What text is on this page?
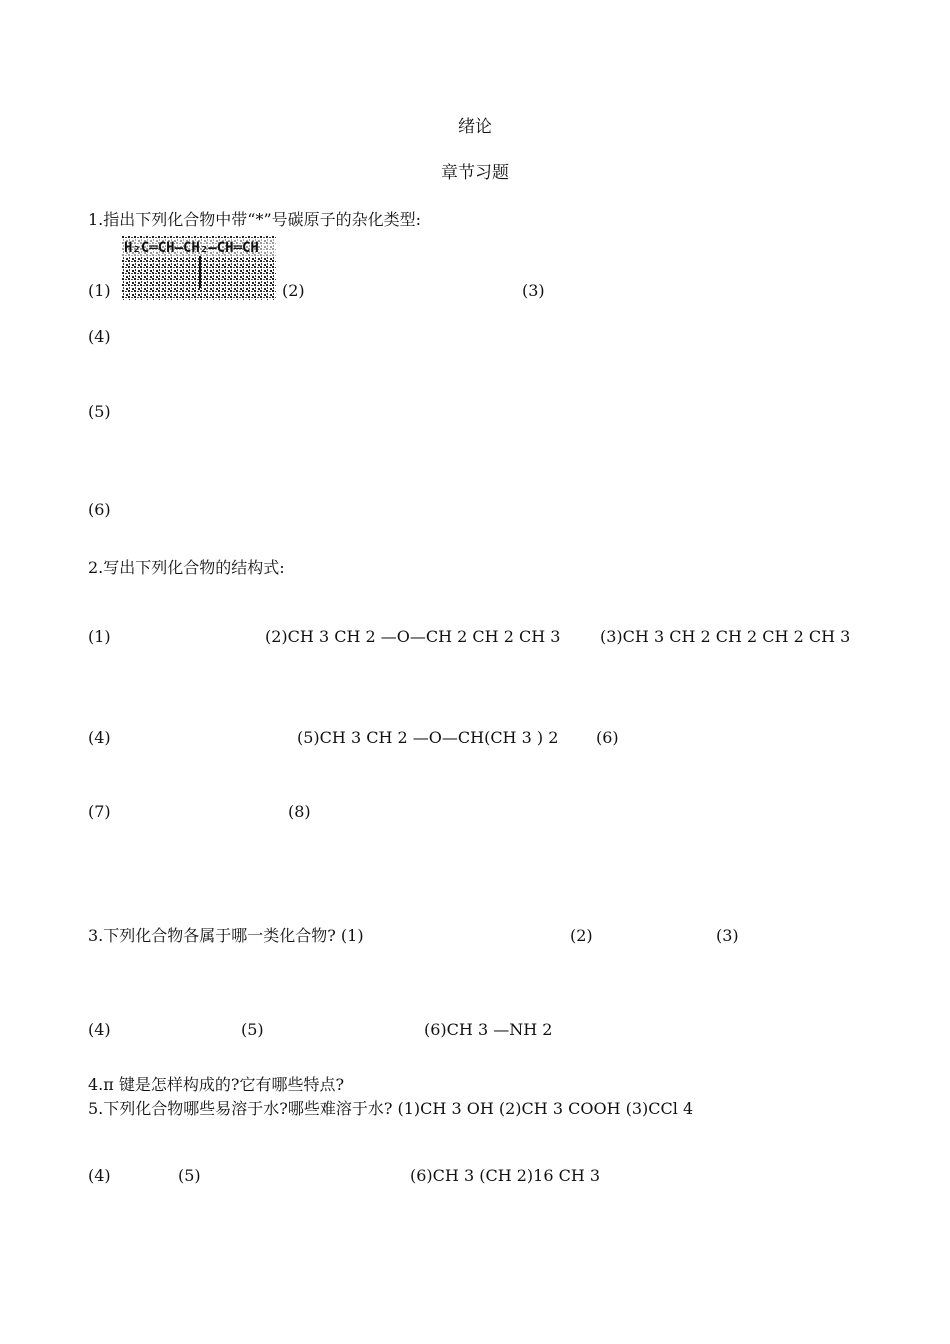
绪论
章节习题
1.指出下列化合物中带“*”号碳原子的杂化类型:
H₂C═CH—CH₂—CH═CH
(1)	(2)	(3)
(4)
(5)
(6)
2.写出下列化合物的结构式:
(1)	(2)CH 3 CH 2 —O—CH 2 CH 2 CH 3 (3)CH 3 CH 2 CH 2 CH 2 CH 3
(4)	(5)CH 3 CH 2 —O—CH(CH 3 ) 2 (6)
(7)	(8)
3.下列化合物各属于哪一类化合物? (1)	(2)	(3)
(4)	(5)	(6)CH 3 —NH 2
4.π 键是怎样构成的?它有哪些特点?
5.下列化合物哪些易溶于水?哪些难溶于水? (1)CH 3 OH (2)CH 3 COOH (3)CCl 4
(4)	(5)	(6)CH 3 (CH 2)16 CH 3
